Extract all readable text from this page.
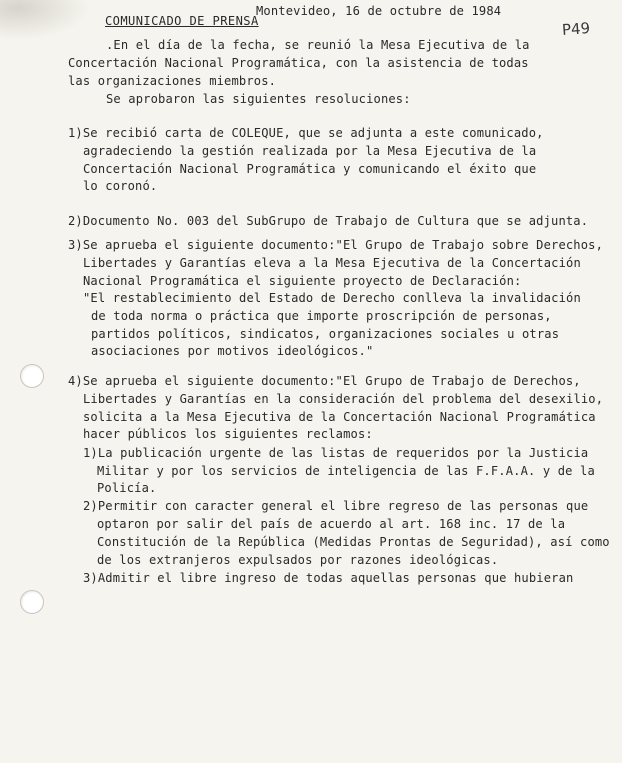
Montevideo, 16 de octubre de 1984
COMUNICADO DE PRENSA	P49
.En el día de la fecha, se reunió la Mesa Ejecutiva de la
Concertación Nacional Programática, con la asistencia de todas
las organizaciones miembros.
Se aprobaron las siguientes resoluciones:
1)Se recibió carta de COLEQUE, que se adjunta a este comunicado,
agradeciendo la gestión realizada por la Mesa Ejecutiva de la
Concertación Nacional Programática y comunicando el éxito que
lo coronó.
2)Documento No. 003 del SubGrupo de Trabajo de Cultura que se adjunta.
3)Se aprueba el siguiente documento:"El Grupo de Trabajo sobre Derechos,
Libertades y Garantías eleva a la Mesa Ejecutiva de la Concertación
Nacional Programática el siguiente proyecto de Declaración:
"El restablecimiento del Estado de Derecho conlleva la invalidación
de toda norma o práctica que importe proscripción de personas,
partidos políticos, sindicatos, organizaciones sociales u otras
asociaciones por motivos ideológicos."
4)Se aprueba el siguiente documento:"El Grupo de Trabajo de Derechos,
Libertades y Garantías en la consideración del problema del desexilio,
solicita a la Mesa Ejecutiva de la Concertación Nacional Programática
hacer públicos los siguientes reclamos:
1)La publicación urgente de las listas de requeridos por la Justicia
Militar y por los servicios de inteligencia de las F.F.A.A. y de la
Policía.
2)Permitir con caracter general el libre regreso de las personas que
optaron por salir del país de acuerdo al art. 168 inc. 17 de la
Constitución de la República (Medidas Prontas de Seguridad), así como
de los extranjeros expulsados por razones ideológicas.
3)Admitir el libre ingreso de todas aquellas personas que hubieran
